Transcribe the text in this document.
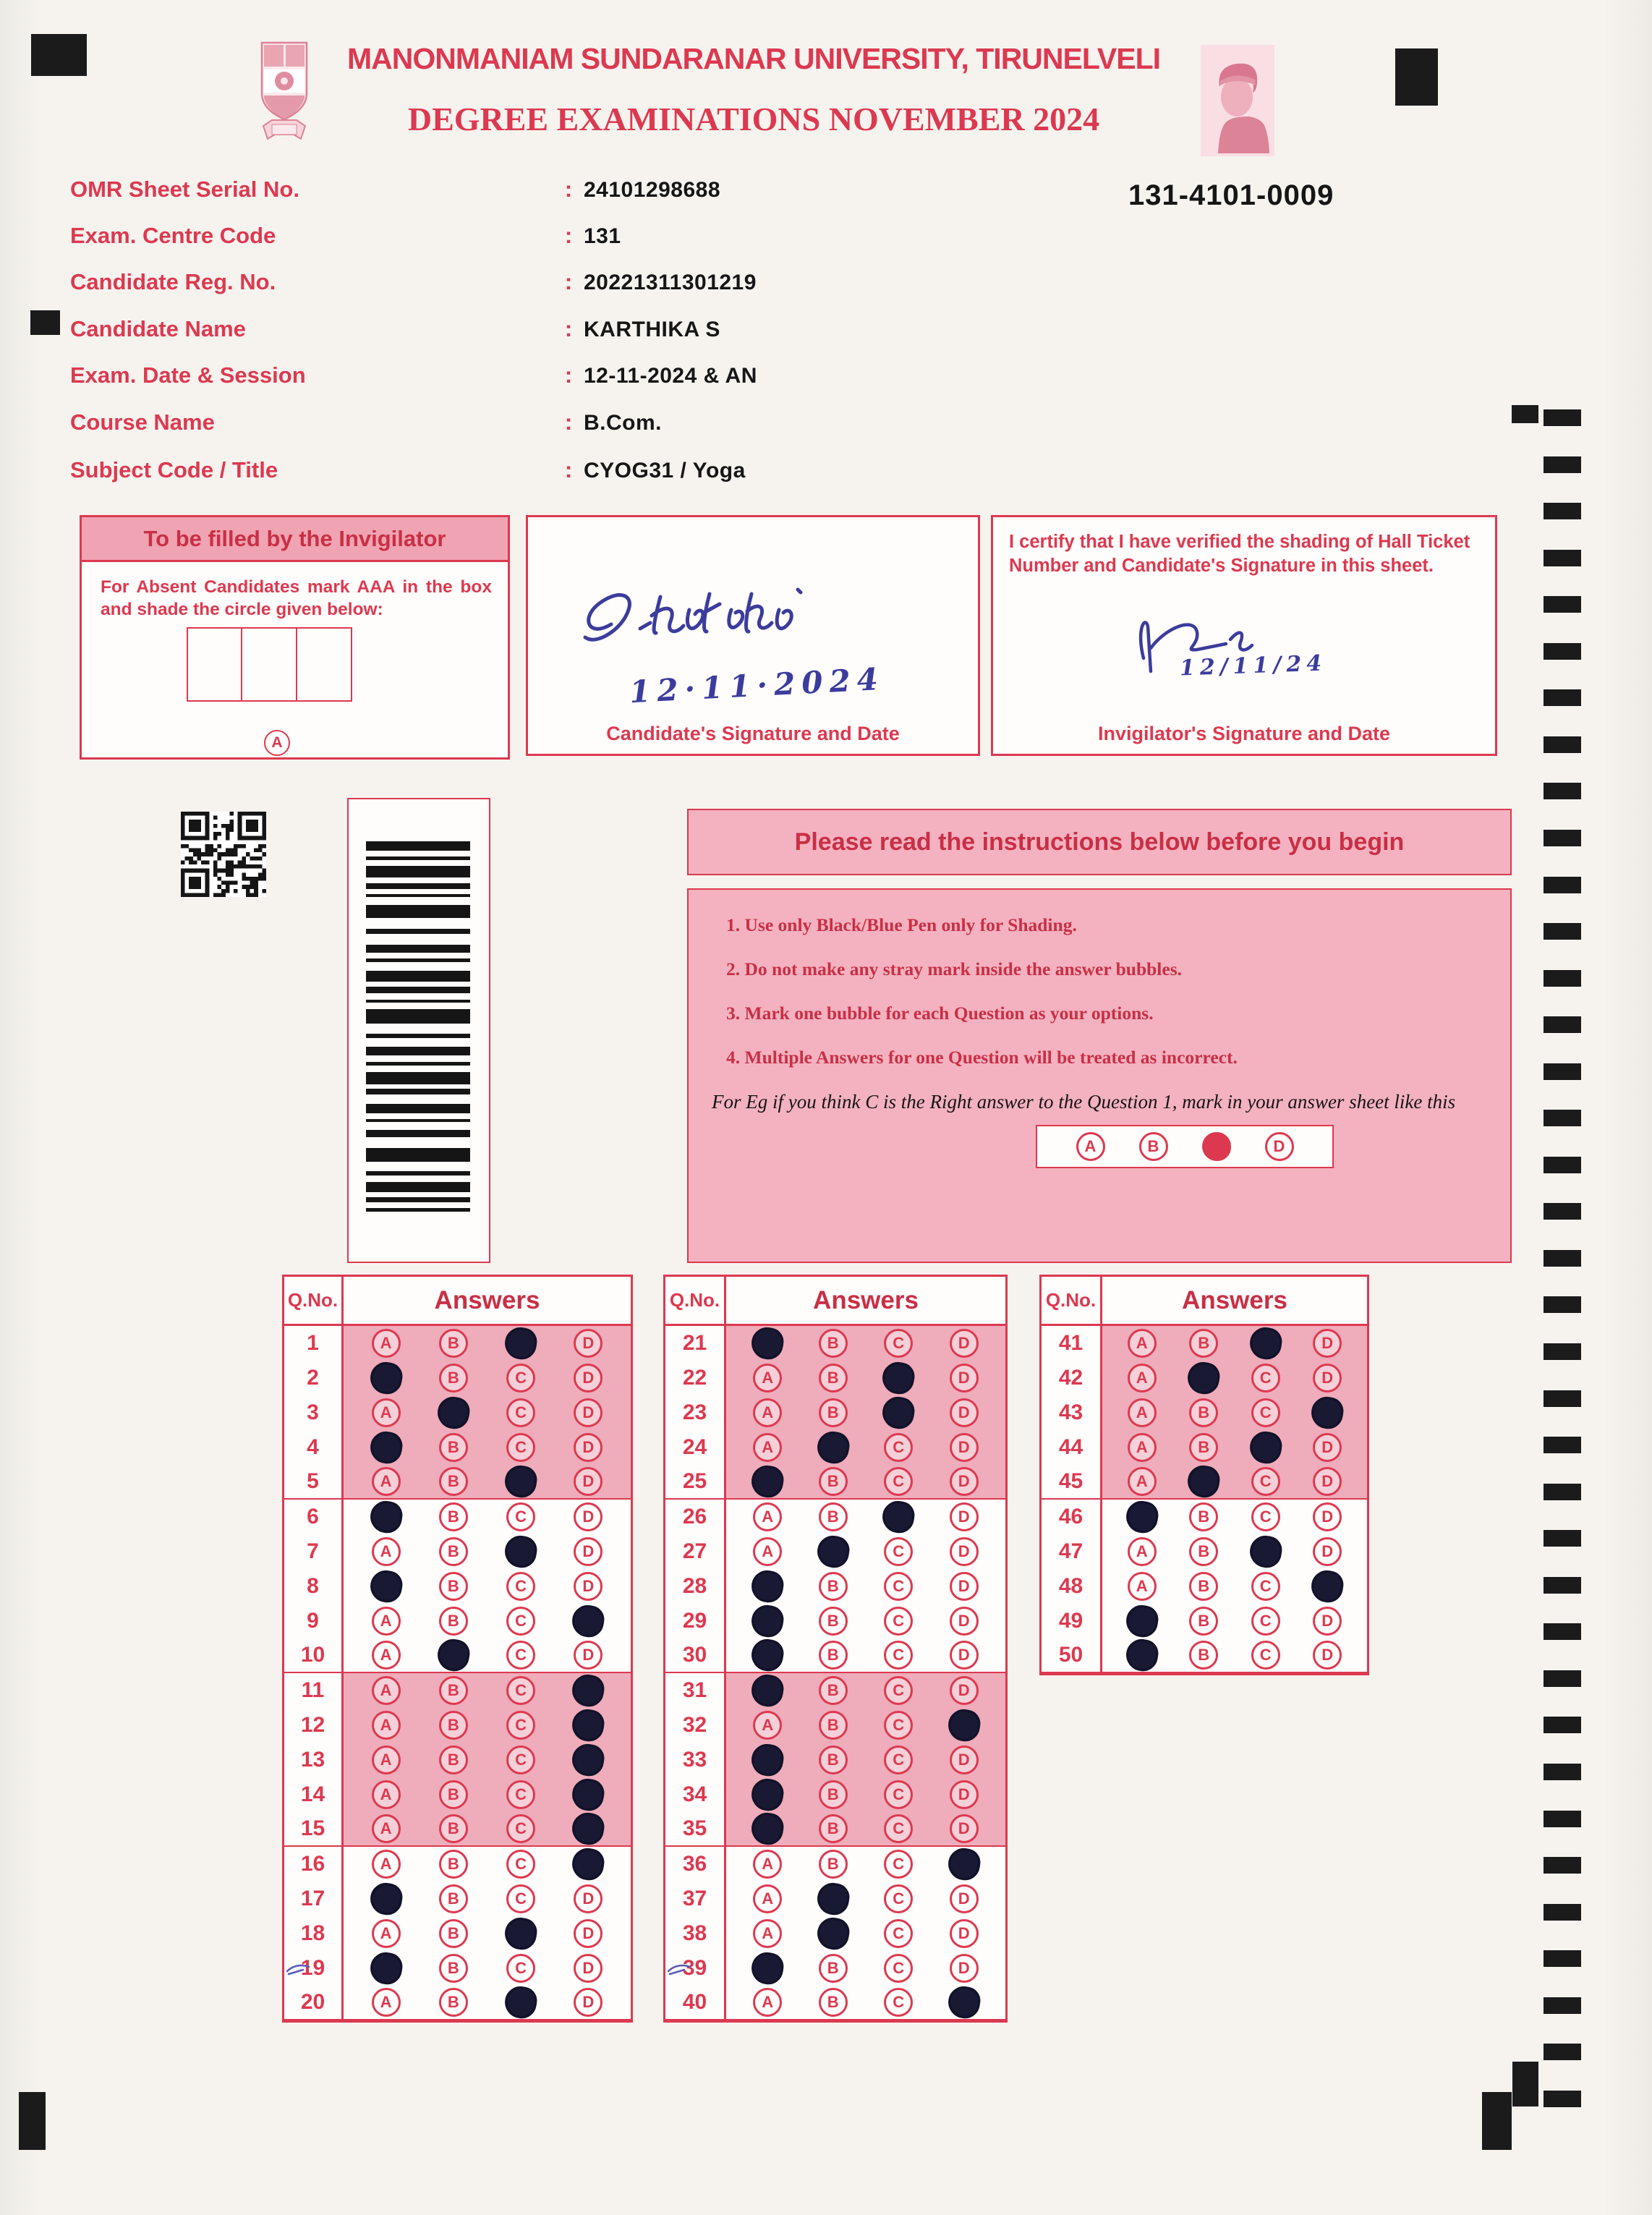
MANONMANIAM SUNDARANAR UNIVERSITY, TIRUNELVELI
DEGREE EXAMINATIONS NOVEMBER 2024
131-4101-0009
OMR Sheet Serial No.	: 24101298688
Exam. Centre Code	: 131
Candidate Reg. No.	: 20221311301219
Candidate Name	: KARTHIKA S
Exam. Date & Session	: 12-11-2024 & AN
Course Name	: B.Com.
Subject Code / Title	: CYOG31 / Yoga
To be filled by the Invigilator
For Absent Candidates mark AAA in the box and shade the circle given below:
A
12·11·2024
Candidate's Signature and Date
I certify that I have verified the shading of Hall Ticket Number and Candidate's Signature in this sheet.
12/11/24
Invigilator's Signature and Date
Please read the instructions below before you begin
1. Use only Black/Blue Pen only for Shading.
2. Do not make any stray mark inside the answer bubbles.
3. Mark one bubble for each Question as your options.
4. Multiple Answers for one Question will be treated as incorrect.
For Eg if you think C is the Right answer to the Question 1, mark in your answer sheet like this
A	B	D
Q.No.	Answers
1	A	B	D
2	B	C	D
3	A	C	D
4	B	C	D
5	A	B	D
6	B	C	D
7	A	B	D
8	B	C	D
9	A	B	C
10	A	C	D
11	A	B	C
12	A	B	C
13	A	B	C
14	A	B	C
15	A	B	C
16	A	B	C
17	B	C	D
18	A	B	D
19	B	C	D
20	A	B	D
Q.No.	Answers
21	B	C	D
22	A	B	D
23	A	B	D
24	A	C	D
25	B	C	D
26	A	B	D
27	A	C	D
28	B	C	D
29	B	C	D
30	B	C	D
31	B	C	D
32	A	B	C
33	B	C	D
34	B	C	D
35	B	C	D
36	A	B	C
37	A	C	D
38	A	C	D
39	B	C	D
40	A	B	C
Q.No.	Answers
41	A	B	D
42	A	C	D
43	A	B	C
44	A	B	D
45	A	C	D
46	B	C	D
47	A	B	D
48	A	B	C
49	B	C	D
50	B	C	D
